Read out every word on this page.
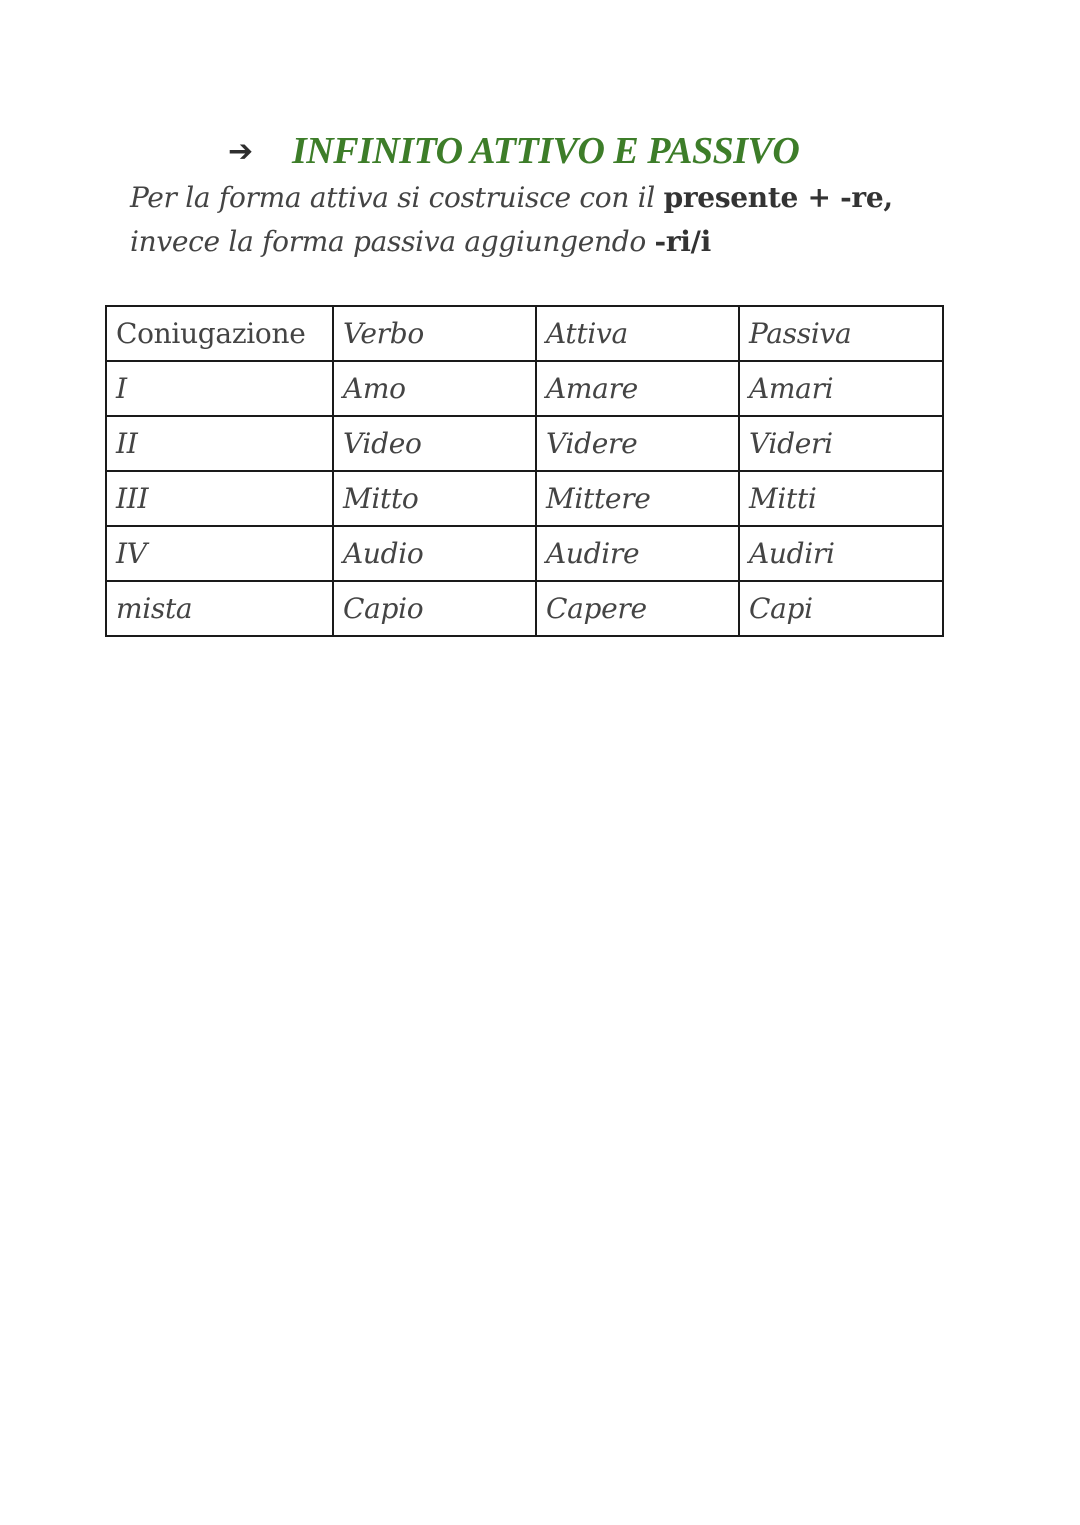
➔	INFINITO ATTIVO E PASSIVO
Per la forma attiva si costruisce con il presente + -re,
invece la forma passiva aggiungendo -ri/i
Coniugazione	Verbo	Attiva	Passiva
I	Amo	Amare	Amari
II	Video	Videre	Videri
III	Mitto	Mittere	Mitti
IV	Audio	Audire	Audiri
mista	Capio	Capere	Capi
